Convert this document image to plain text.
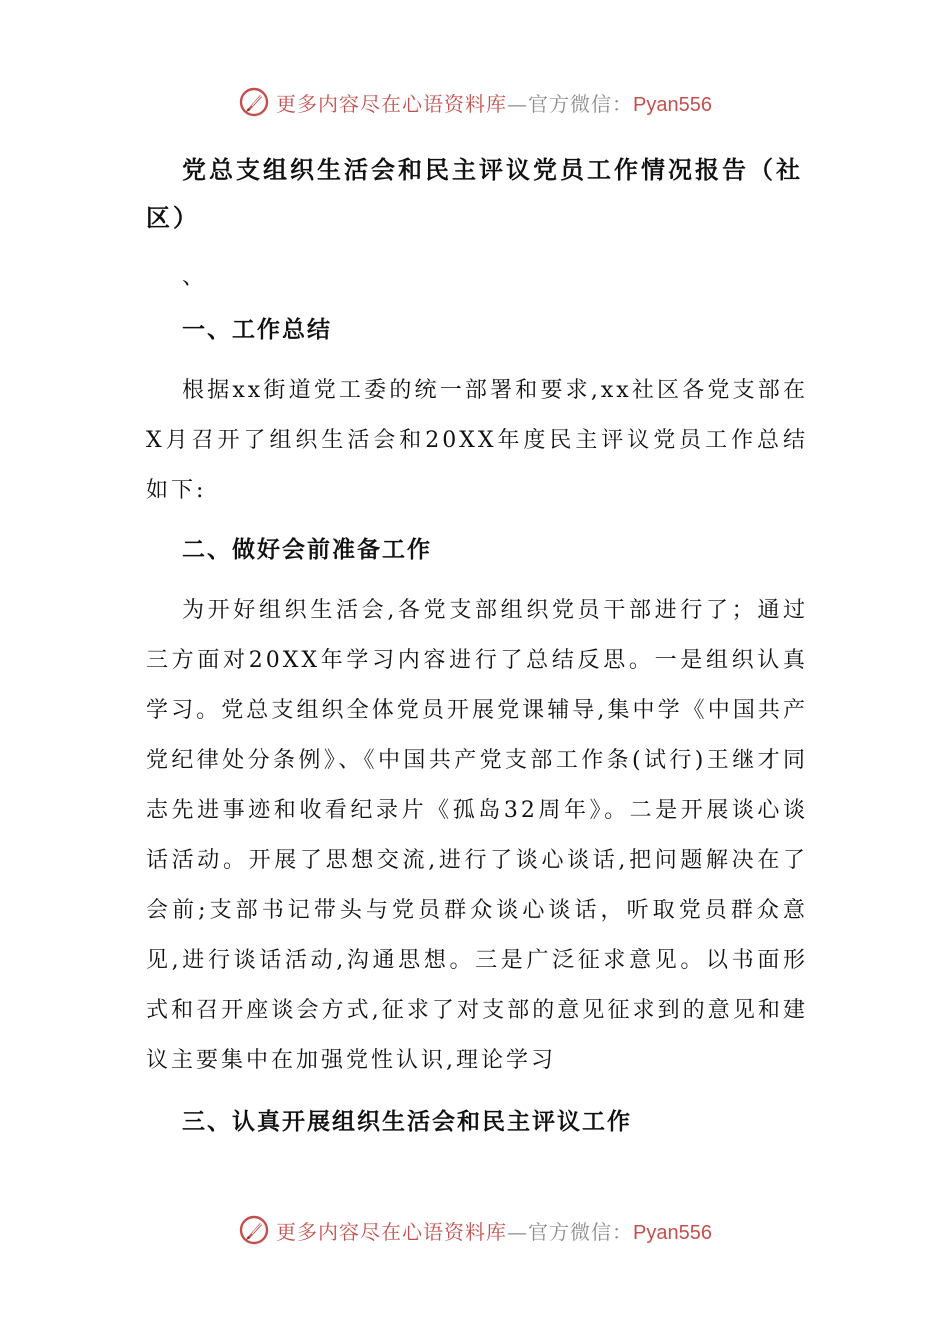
更多内容尽在心语资料库—官方微信：Pyan556
党总支组织生活会和民主评议党员工作情况报告（社区）

、

一、工作总结

根据xx街道党工委的统一部署和要求,xx社区各党支部在X月召开了组织生活会和20XX年度民主评议党员工作总结如下:

二、做好会前准备工作

为开好组织生活会,各党支部组织党员干部进行了；通过三方面对20XX年学习内容进行了总结反思。一是组织认真学习。党总支组织全体党员开展党课辅导,集中学《中国共产党纪律处分条例》、《中国共产党支部工作条(试行)王继才同志先进事迹和收看纪录片《孤岛32周年》。二是开展谈心谈话活动。开展了思想交流,进行了谈心谈话,把问题解决在了会前;支部书记带头与党员群众谈心谈话，听取党员群众意见,进行谈话活动,沟通思想。三是广泛征求意见。以书面形式和召开座谈会方式,征求了对支部的意见征求到的意见和建议主要集中在加强党性认识,理论学习

三、认真开展组织生活会和民主评议工作
更多内容尽在心语资料库—官方微信：Pyan556
